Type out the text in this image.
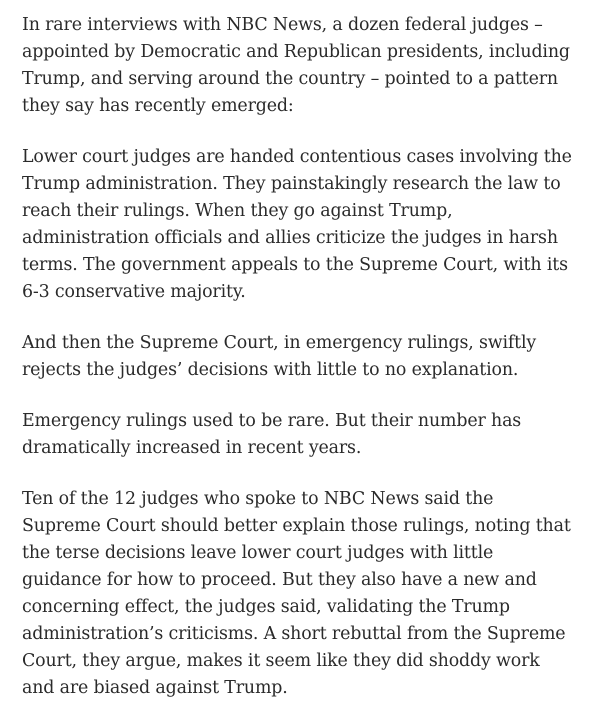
In rare interviews with NBC News, a dozen federal judges – appointed by Democratic and Republican presidents, including Trump, and serving around the country – pointed to a pattern they say has recently emerged:

Lower court judges are handed contentious cases involving the Trump administration. They painstakingly research the law to reach their rulings. When they go against Trump, administration officials and allies criticize the judges in harsh terms. The government appeals to the Supreme Court, with its 6-3 conservative majority.

And then the Supreme Court, in emergency rulings, swiftly rejects the judges’ decisions with little to no explanation.

Emergency rulings used to be rare. But their number has dramatically increased in recent years.

Ten of the 12 judges who spoke to NBC News said the Supreme Court should better explain those rulings, noting that the terse decisions leave lower court judges with little guidance for how to proceed. But they also have a new and concerning effect, the judges said, validating the Trump administration’s criticisms. A short rebuttal from the Supreme Court, they argue, makes it seem like they did shoddy work and are biased against Trump.
